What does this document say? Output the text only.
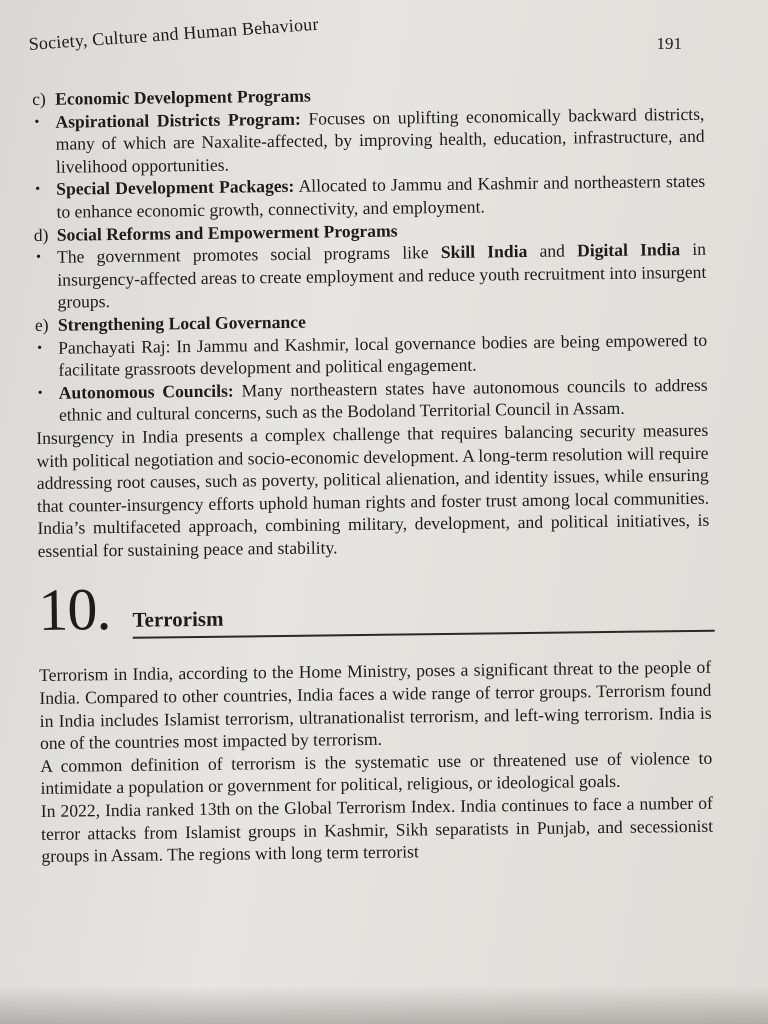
Society, Culture and Human Behaviour	191
c) Economic Development Programs
• Aspirational Districts Program: Focuses on uplifting economically backward districts, many of which are Naxalite-affected, by improving health, education, infrastructure, and livelihood opportunities.
• Special Development Packages: Allocated to Jammu and Kashmir and northeastern states to enhance economic growth, connectivity, and employment.
d) Social Reforms and Empowerment Programs
• The government promotes social programs like Skill India and Digital India in insurgency-affected areas to create employment and reduce youth recruitment into insurgent groups.
e) Strengthening Local Governance
• Panchayati Raj: In Jammu and Kashmir, local governance bodies are being empowered to facilitate grassroots development and political engagement.
• Autonomous Councils: Many northeastern states have autonomous councils to address ethnic and cultural concerns, such as the Bodoland Territorial Council in Assam.
Insurgency in India presents a complex challenge that requires balancing security measures with political negotiation and socio-economic development. A long-term resolution will require addressing root causes, such as poverty, political alienation, and identity issues, while ensuring that counter-insurgency efforts uphold human rights and foster trust among local communities. India’s multifaceted approach, combining military, development, and political initiatives, is essential for sustaining peace and stability.
10. Terrorism
Terrorism in India, according to the Home Ministry, poses a significant threat to the people of India. Compared to other countries, India faces a wide range of terror groups. Terrorism found in India includes Islamist terrorism, ultranationalist terrorism, and left-wing terrorism. India is one of the countries most impacted by terrorism.
A common definition of terrorism is the systematic use or threatened use of violence to intimidate a population or government for political, religious, or ideological goals.
In 2022, India ranked 13th on the Global Terrorism Index. India continues to face a number of terror attacks from Islamist groups in Kashmir, Sikh separatists in Punjab, and secessionist groups in Assam. The regions with long term terrorist
